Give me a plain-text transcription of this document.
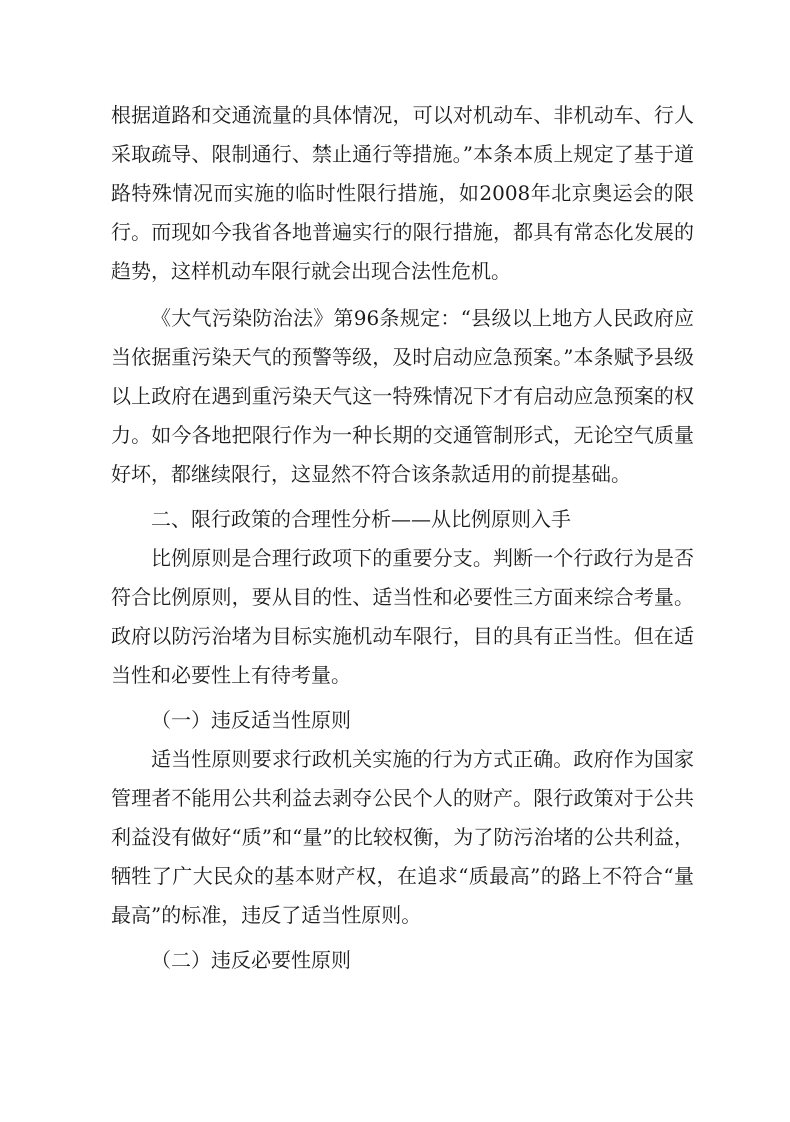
根据道路和交通流量的具体情况，可以对机动车、非机动车、行人采取疏导、限制通行、禁止通行等措施。”本条本质上规定了基于道路特殊情况而实施的临时性限行措施，如2008年北京奥运会的限行。而现如今我省各地普遍实行的限行措施，都具有常态化发展的趋势，这样机动车限行就会出现合法性危机。

《大气污染防治法》第96条规定：“县级以上地方人民政府应当依据重污染天气的预警等级，及时启动应急预案。”本条赋予县级以上政府在遇到重污染天气这一特殊情况下才有启动应急预案的权力。如今各地把限行作为一种长期的交通管制形式，无论空气质量好坏，都继续限行，这显然不符合该条款适用的前提基础。

二、限行政策的合理性分析——从比例原则入手

比例原则是合理行政项下的重要分支。判断一个行政行为是否符合比例原则，要从目的性、适当性和必要性三方面来综合考量。政府以防污治堵为目标实施机动车限行，目的具有正当性。但在适当性和必要性上有待考量。

（一）违反适当性原则

适当性原则要求行政机关实施的行为方式正确。政府作为国家管理者不能用公共利益去剥夺公民个人的财产。限行政策对于公共利益没有做好“质”和“量”的比较权衡，为了防污治堵的公共利益，牺牲了广大民众的基本财产权，在追求“质最高”的路上不符合“量最高”的标准，违反了适当性原则。

（二）违反必要性原则
